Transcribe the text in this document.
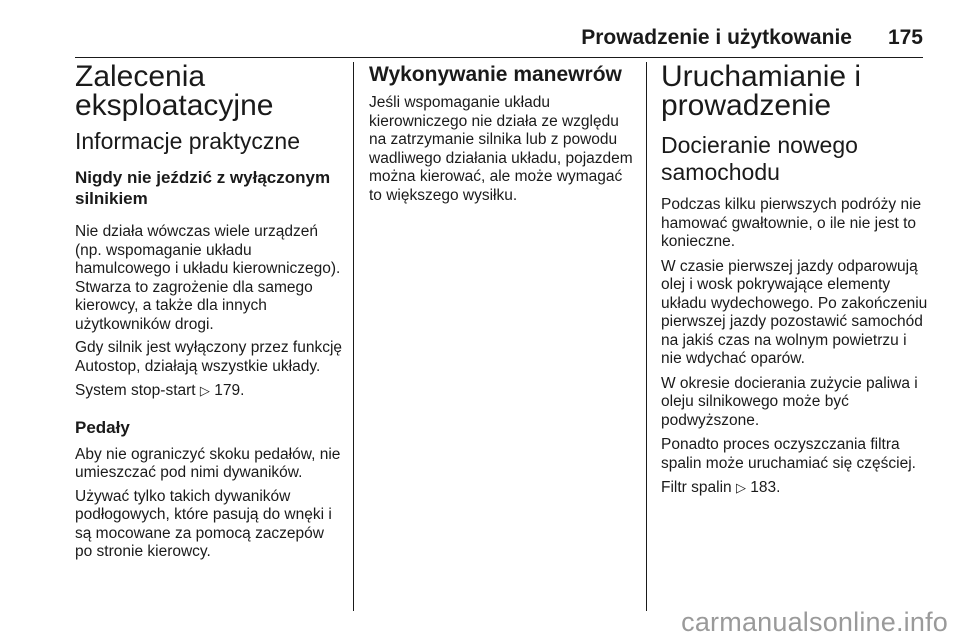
Prowadzenie i użytkowanie 175
Zalecenia eksploatacyjne
Informacje praktyczne
Nigdy nie jeździć z wyłączonym silnikiem

Nie działa wówczas wiele urządzeń (np. wspomaganie układu hamulcowego i układu kierowniczego). Stwarza to zagrożenie dla samego kierowcy, a także dla innych użytkowników drogi.

Gdy silnik jest wyłączony przez funkcję Autostop, działają wszystkie układy.

System stop-start ▷ 179.

Pedały

Aby nie ograniczyć skoku pedałów, nie umieszczać pod nimi dywaników.

Używać tylko takich dywaników podłogowych, które pasują do wnęki i są mocowane za pomocą zaczepów po stronie kierowcy.

Wykonywanie manewrów

Jeśli wspomaganie układu kierowniczego nie działa ze względu na zatrzymanie silnika lub z powodu wadliwego działania układu, pojazdem można kierować, ale może wymagać to większego wysiłku.

Uruchamianie i prowadzenie
Docieranie nowego samochodu

Podczas kilku pierwszych podróży nie hamować gwałtownie, o ile nie jest to konieczne.

W czasie pierwszej jazdy odparowują olej i wosk pokrywające elementy układu wydechowego. Po zakończeniu pierwszej jazdy pozostawić samochód na jakiś czas na wolnym powietrzu i nie wdychać oparów.

W okresie docierania zużycie paliwa i oleju silnikowego może być podwyższone.

Ponadto proces oczyszczania filtra spalin może uruchamiać się częściej.

Filtr spalin ▷ 183.

carmanualsonline.info
